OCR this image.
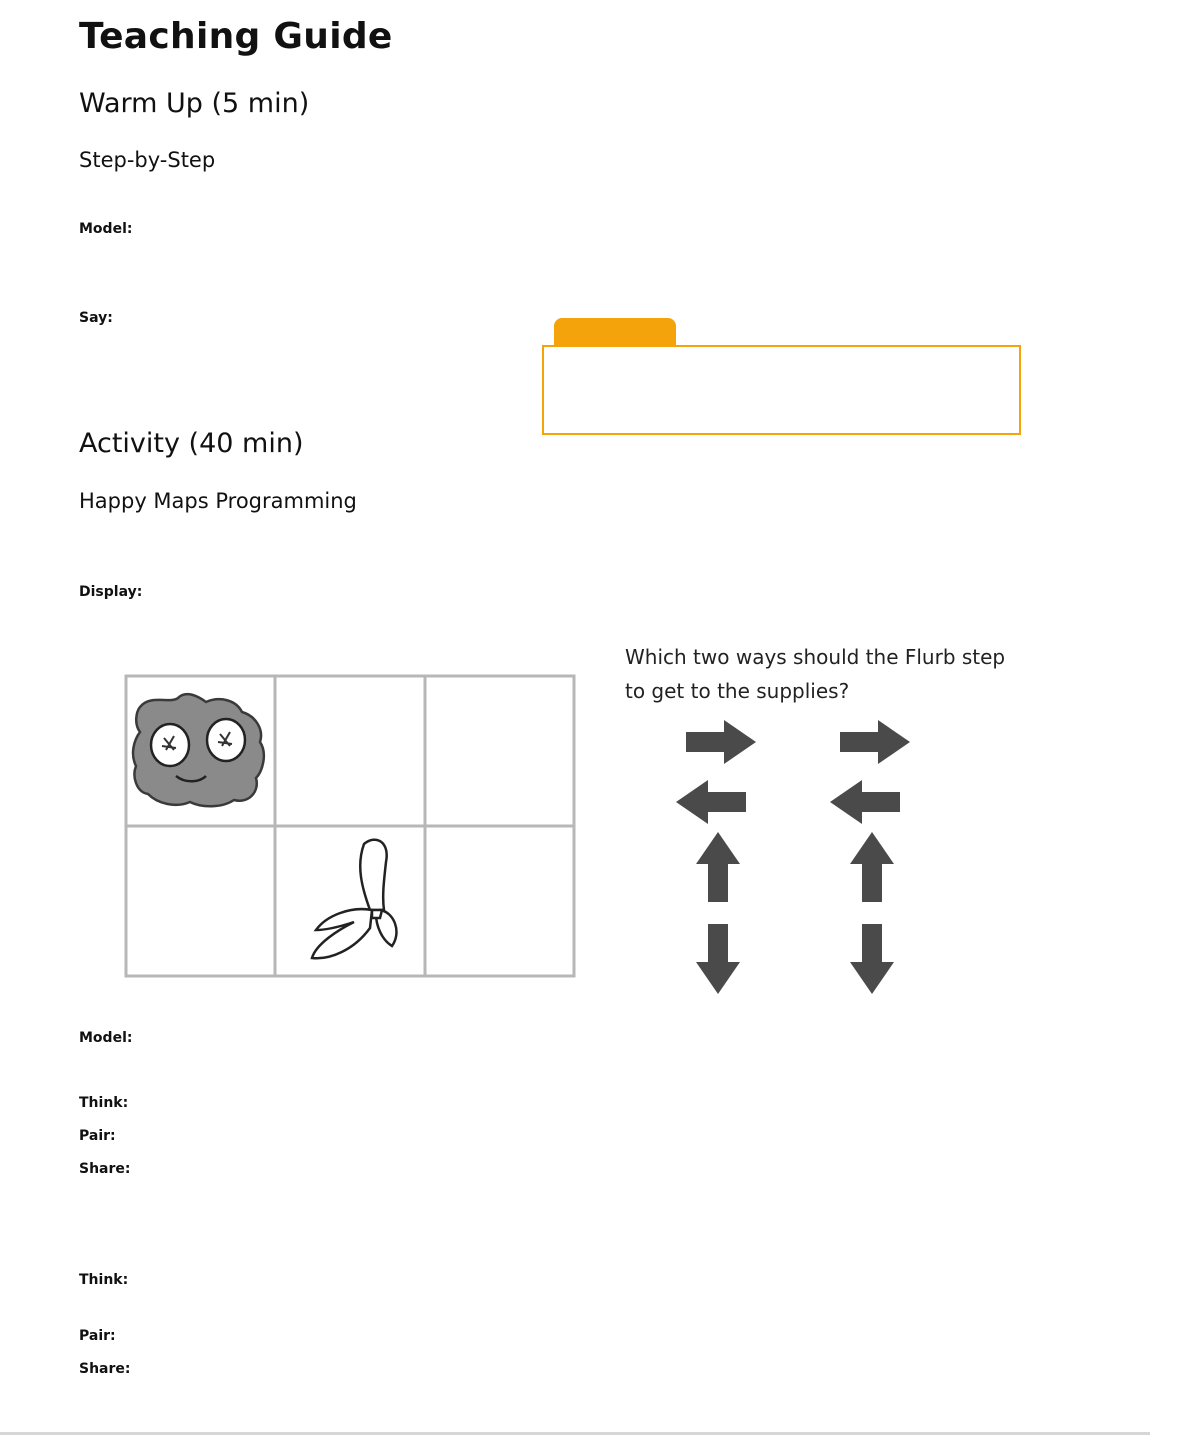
Teaching Guide
Warm Up (5 min)
Step-by-Step
Model:
Say:
Activity (40 min)
Happy Maps Programming
Display:
Which two ways should the Flurb step to get to the supplies?
Model:
Think:
Pair:
Share:
Think:
Pair:
Share:
